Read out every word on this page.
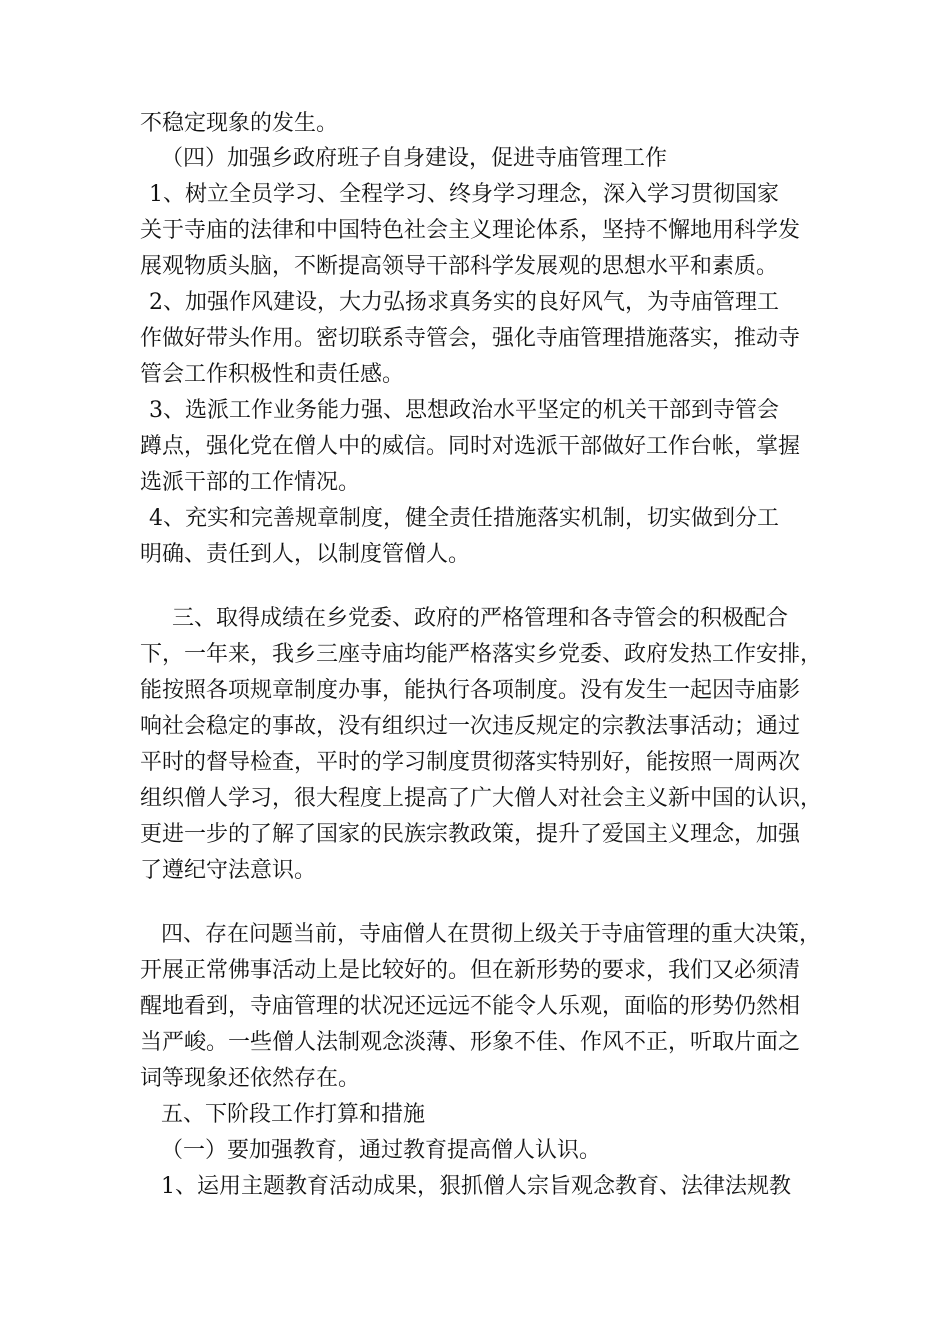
不稳定现象的发生。
（四）加强乡政府班子自身建设，促进寺庙管理工作
1、树立全员学习、全程学习、终身学习理念，深入学习贯彻国家
关于寺庙的法律和中国特色社会主义理论体系，坚持不懈地用科学发
展观物质头脑，不断提高领导干部科学发展观的思想水平和素质。
2、加强作风建设，大力弘扬求真务实的良好风气，为寺庙管理工
作做好带头作用。密切联系寺管会，强化寺庙管理措施落实，推动寺
管会工作积极性和责任感。
3、选派工作业务能力强、思想政治水平坚定的机关干部到寺管会
蹲点，强化党在僧人中的威信。同时对选派干部做好工作台帐，掌握
选派干部的工作情况。
4、充实和完善规章制度，健全责任措施落实机制，切实做到分工
明确、责任到人，以制度管僧人。
三、取得成绩在乡党委、政府的严格管理和各寺管会的积极配合
下，一年来，我乡三座寺庙均能严格落实乡党委、政府发热工作安排，
能按照各项规章制度办事，能执行各项制度。没有发生一起因寺庙影
响社会稳定的事故，没有组织过一次违反规定的宗教法事活动；通过
平时的督导检查，平时的学习制度贯彻落实特别好，能按照一周两次
组织僧人学习，很大程度上提高了广大僧人对社会主义新中国的认识，
更进一步的了解了国家的民族宗教政策，提升了爱国主义理念，加强
了遵纪守法意识。
四、存在问题当前，寺庙僧人在贯彻上级关于寺庙管理的重大决策，
开展正常佛事活动上是比较好的。但在新形势的要求，我们又必须清
醒地看到，寺庙管理的状况还远远不能令人乐观，面临的形势仍然相
当严峻。一些僧人法制观念淡薄、形象不佳、作风不正，听取片面之
词等现象还依然存在。
五、下阶段工作打算和措施
（一）要加强教育，通过教育提高僧人认识。
1、运用主题教育活动成果，狠抓僧人宗旨观念教育、法律法规教
